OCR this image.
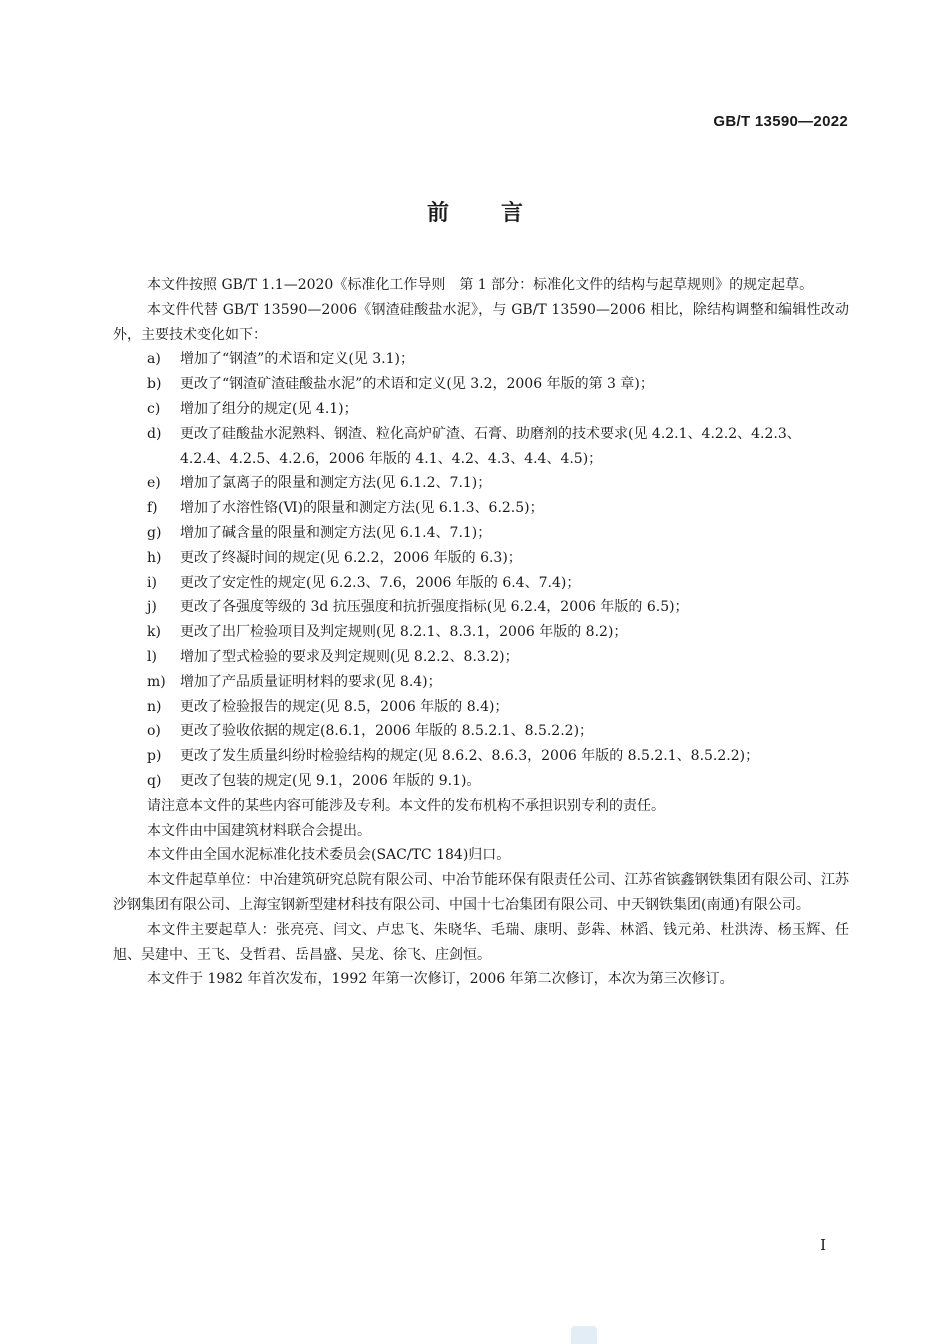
GB/T 13590—2022
前言

本文件按照 GB/T 1.1—2020《标准化工作导则　第 1 部分：标准化文件的结构与起草规则》的规定起草。

本文件代替 GB/T 13590—2006《钢渣硅酸盐水泥》，与 GB/T 13590—2006 相比，除结构调整和编辑性改动外，主要技术变化如下：

a) 增加了“钢渣”的术语和定义(见 3.1)；
b) 更改了“钢渣矿渣硅酸盐水泥”的术语和定义(见 3.2，2006 年版的第 3 章)；
c) 增加了组分的规定(见 4.1)；
d) 更改了硅酸盐水泥熟料、钢渣、粒化高炉矿渣、石膏、助磨剂的技术要求(见 4.2.1、4.2.2、4.2.3、4.2.4、4.2.5、4.2.6，2006 年版的 4.1、4.2、4.3、4.4、4.5)；
e) 增加了氯离子的限量和测定方法(见 6.1.2、7.1)；
f) 增加了水溶性铬(Ⅵ)的限量和测定方法(见 6.1.3、6.2.5)；
g) 增加了碱含量的限量和测定方法(见 6.1.4、7.1)；
h) 更改了终凝时间的规定(见 6.2.2，2006 年版的 6.3)；
i) 更改了安定性的规定(见 6.2.3、7.6，2006 年版的 6.4、7.4)；
j) 更改了各强度等级的 3d 抗压强度和抗折强度指标(见 6.2.4，2006 年版的 6.5)；
k) 更改了出厂检验项目及判定规则(见 8.2.1、8.3.1，2006 年版的 8.2)；
l) 增加了型式检验的要求及判定规则(见 8.2.2、8.3.2)；
m) 增加了产品质量证明材料的要求(见 8.4)；
n) 更改了检验报告的规定(见 8.5，2006 年版的 8.4)；
o) 更改了验收依据的规定(8.6.1，2006 年版的 8.5.2.1、8.5.2.2)；
p) 更改了发生质量纠纷时检验结构的规定(见 8.6.2、8.6.3，2006 年版的 8.5.2.1、8.5.2.2)；
q) 更改了包装的规定(见 9.1，2006 年版的 9.1)。

请注意本文件的某些内容可能涉及专利。本文件的发布机构不承担识别专利的责任。

本文件由中国建筑材料联合会提出。

本文件由全国水泥标准化技术委员会(SAC/TC 184)归口。

本文件起草单位：中冶建筑研究总院有限公司、中冶节能环保有限责任公司、江苏省镔鑫钢铁集团有限公司、江苏沙钢集团有限公司、上海宝钢新型建材科技有限公司、中国十七冶集团有限公司、中天钢铁集团(南通)有限公司。

本文件主要起草人：张亮亮、闫文、卢忠飞、朱晓华、毛瑞、康明、彭犇、林滔、钱元弟、杜洪涛、杨玉辉、任旭、吴建中、王飞、殳哲君、岳昌盛、吴龙、徐飞、庄剑恒。

本文件于 1982 年首次发布，1992 年第一次修订，2006 年第二次修订，本次为第三次修订。

Ⅰ
